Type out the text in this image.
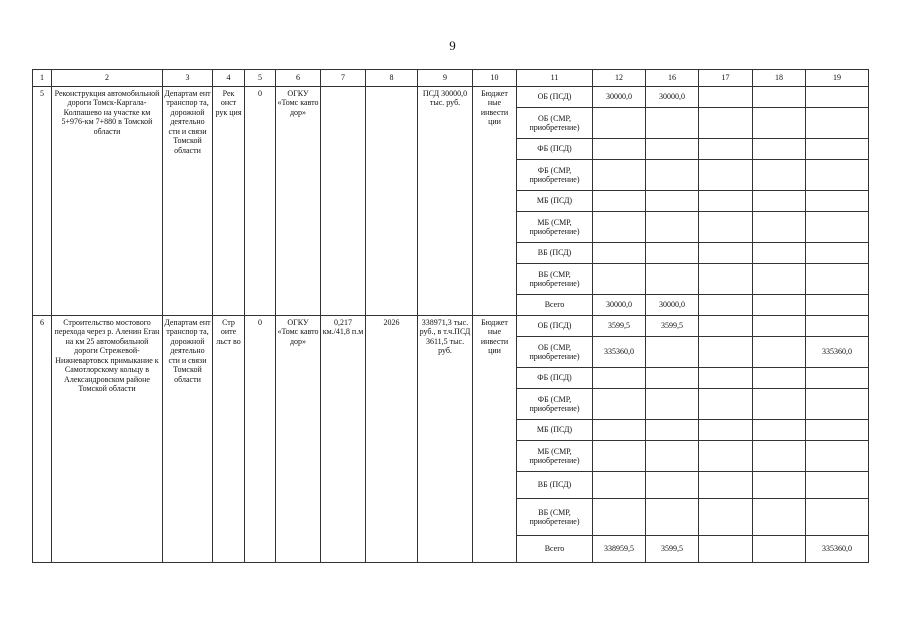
9
1	2	3	4	5	6	7	8	9	10	11	12	16	17	18	19
5	Реконструкция автомобильной дороги Томск-Каргала-Колпашево на участке км 5+976-км 7+880 в Томской области	Департам ент транспор та, дорожной деятельно сти и связи Томской области	Рек онст рук ция	0	ОГКУ «Томс кавто дор»			ПСД 30000,0 тыс. руб.	Бюджет ные инвести ции	ОБ (ПСД)	30000,0	30000,0			
										ОБ (СМР, приобретение)					
										ФБ (ПСД)					
										ФБ (СМР, приобретение)					
										МБ (ПСД)					
										МБ (СМР, приобретение)					
										ВБ (ПСД)					
										ВБ (СМР, приобретение)					
										Всего	30000,0	30000,0			
6	Строительство мостового перехода через р. Аленин Еган на км 25 автомобильной дороги Стрежевой-Нижневартовск примыкание к Самотлорскому кольцу в Александровском районе Томской области	Департам ент транспор та, дорожной деятельно сти и связи Томской области	Стр оите льст во	0	ОГКУ «Томс кавто дор»	0,217 км./41,8 п.м	2026	338971,3 тыс. руб., в т.ч.ПСД 3611,5 тыс. руб.	Бюджет ные инвести ции	ОБ (ПСД)	3599,5	3599,5			
										ОБ (СМР, приобретение)	335360,0				335360,0
										ФБ (ПСД)					
										ФБ (СМР, приобретение)					
										МБ (ПСД)					
										МБ (СМР, приобретение)					
										ВБ (ПСД)					
										ВБ (СМР, приобретение)					
										Всего	338959,5	3599,5			335360,0
